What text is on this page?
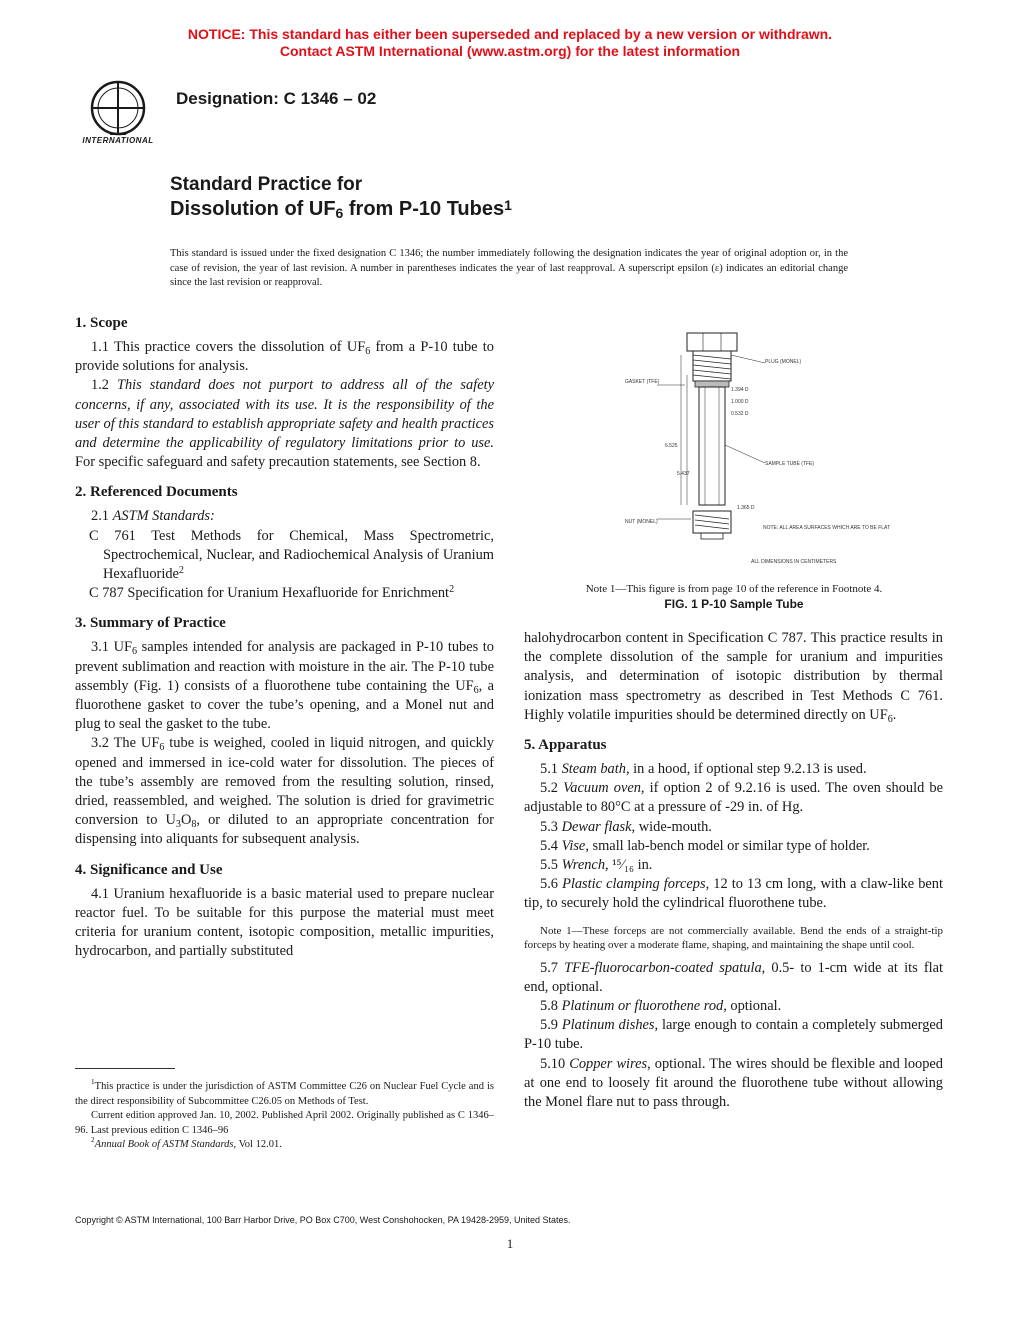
NOTICE: This standard has either been superseded and replaced by a new version or withdrawn.
Contact ASTM International (www.astm.org) for the latest information
INTERNATIONAL
Designation: C 1346 – 02
Standard Practice for
Dissolution of $UF_6$ from P-10 Tubes$^1$

This standard is issued under the fixed designation C 1346; the number immediately following the designation indicates the year of original adoption or, in the case of revision, the year of last revision. A number in parentheses indicates the year of last reapproval. A superscript epsilon (ε) indicates an editorial change since the last revision or reapproval.

1. Scope

1.1 This practice covers the dissolution of $UF_6$ from a P-10 tube to provide solutions for analysis.

1.2 This standard does not purport to address all of the safety concerns, if any, associated with its use. It is the responsibility of the user of this standard to establish appropriate safety and health practices and determine the applicability of regulatory limitations prior to use. For specific safeguard and safety precaution statements, see Section 8.

2. Referenced Documents

2.1 ASTM Standards:

C 761 Test Methods for Chemical, Mass Spectrometric, Spectrochemical, Nuclear, and Radiochemical Analysis of Uranium Hexafluoride$^2$

C 787 Specification for Uranium Hexafluoride for Enrichment$^2$

3. Summary of Practice

3.1 $UF_6$ samples intended for analysis are packaged in P-10 tubes to prevent sublimation and reaction with moisture in the air. The P-10 tube assembly (Fig. 1) consists of a fluorothene tube containing the $UF_6$, a fluorothene gasket to cover the tube’s opening, and a Monel nut and plug to seal the gasket to the tube.

3.2 The $UF_6$ tube is weighed, cooled in liquid nitrogen, and quickly opened and immersed in ice-cold water for dissolution. The pieces of the tube’s assembly are removed from the resulting solution, rinsed, dried, reassembled, and weighed. The solution is dried for gravimetric conversion to $U_3O_8$, or diluted to an appropriate concentration for dispensing into aliquants for subsequent analysis.

4. Significance and Use

4.1 Uranium hexafluoride is a basic material used to prepare nuclear reactor fuel. To be suitable for this purpose the material must meet criteria for uranium content, isotopic composition, metallic impurities, hydrocarbon, and partially substituted

$^1$This practice is under the jurisdiction of ASTM Committee C26 on Nuclear Fuel Cycle and is the direct responsibility of Subcommittee C26.05 on Methods of Test.

Current edition approved Jan. 10, 2002. Published April 2002. Originally published as C 1346–96. Last previous edition C 1346–96

$^2$Annual Book of ASTM Standards, Vol 12.01.

PLUG (MONEL)
GASKET (TFE)
1.394 D
1.000 D
0.532 D
6.525
5.437
SAMPLE TUBE (TFE)
NUT (MONEL)
1.365 D
NOTE: ALL AREA SURFACES WHICH ARE TO BE FLAT
ALL DIMENSIONS IN CENTIMETERS

Note 1—This figure is from page 10 of the reference in Footnote 4.

FIG. 1 P-10 Sample Tube

halohydrocarbon content in Specification C 787. This practice results in the complete dissolution of the sample for uranium and impurities analysis, and determination of isotopic distribution by thermal ionization mass spectrometry as described in Test Methods C 761. Highly volatile impurities should be determined directly on $UF_6$.

5. Apparatus

5.1 Steam bath, in a hood, if optional step 9.2.13 is used.

5.2 Vacuum oven, if option 2 of 9.2.16 is used. The oven should be adjustable to 80°C at a pressure of -29 in. of Hg.

5.3 Dewar flask, wide-mouth.

5.4 Vise, small lab-bench model or similar type of holder.

5.5 Wrench, ¹⁵⁄₁₆ in.

5.6 Plastic clamping forceps, 12 to 13 cm long, with a claw-like bent tip, to securely hold the cylindrical fluorothene tube.

Note 1—These forceps are not commercially available. Bend the ends of a straight-tip forceps by heating over a moderate flame, shaping, and maintaining the shape until cool.

5.7 TFE-fluorocarbon-coated spatula, 0.5- to 1-cm wide at its flat end, optional.

5.8 Platinum or fluorothene rod, optional.

5.9 Platinum dishes, large enough to contain a completely submerged P-10 tube.

5.10 Copper wires, optional. The wires should be flexible and looped at one end to loosely fit around the fluorothene tube without allowing the Monel flare nut to pass through.

Copyright © ASTM International, 100 Barr Harbor Drive, PO Box C700, West Conshohocken, PA 19428-2959, United States.
1
